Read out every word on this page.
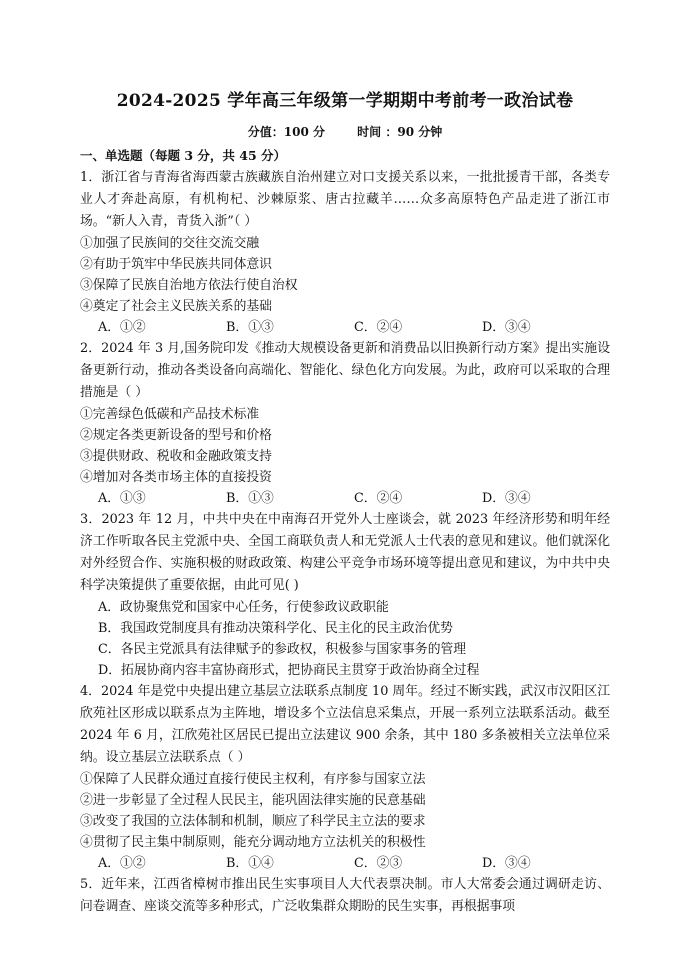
2024-2025 学年高三年级第一学期期中考前考一政治试卷
分值：100 分	时间 ：90 分钟
一、单选题（每题 3 分，共 45 分）

1．浙江省与青海省海西蒙古族藏族自治州建立对口支援关系以来，一批批援青干部，各类专业人才奔赴高原，有机枸杞、沙棘原浆、唐古拉藏羊……众多高原特色产品走进了浙江市场。“新人入青，青货入浙”（ ）

①加强了民族间的交往交流交融

②有助于筑牢中华民族共同体意识

③保障了民族自治地方依法行使自治权

④奠定了社会主义民族关系的基础

A．①②	B．①③	C．②④	D．③④

2．2024 年 3 月,国务院印发《推动大规模设备更新和消费品以旧换新行动方案》提出实施设备更新行动，推动各类设备向高端化、智能化、绿色化方向发展。为此，政府可以采取的合理措施是（ ）

①完善绿色低碳和产品技术标准

②规定各类更新设备的型号和价格

③提供财政、税收和金融政策支持

④增加对各类市场主体的直接投资

A．①③	B．①③	C．②④	D．③④

3．2023 年 12 月，中共中央在中南海召开党外人士座谈会，就 2023 年经济形势和明年经济工作听取各民主党派中央、全国工商联负责人和无党派人士代表的意见和建议。他们就深化对外经贸合作、实施积极的财政政策、构建公平竞争市场环境等提出意见和建议，为中共中央科学决策提供了重要依据，由此可见( )

A．政协聚焦党和国家中心任务，行使参政议政职能

B．我国政党制度具有推动决策科学化、民主化的民主政治优势

C．各民主党派具有法律赋予的参政权，积极参与国家事务的管理

D．拓展协商内容丰富协商形式，把协商民主贯穿于政治协商全过程

4．2024 年是党中央提出建立基层立法联系点制度 10 周年。经过不断实践，武汉市汉阳区江欣苑社区形成以联系点为主阵地，增设多个立法信息采集点，开展一系列立法联系活动。截至 2024 年 6 月，江欣苑社区居民已提出立法建议 900 余条，其中 180 多条被相关立法单位采纳。设立基层立法联系点（ ）

①保障了人民群众通过直接行使民主权利，有序参与国家立法

②进一步彰显了全过程人民民主，能巩固法律实施的民意基础

③改变了我国的立法体制和机制，顺应了科学民主立法的要求

④贯彻了民主集中制原则，能充分调动地方立法机关的积极性

A．①②	B．①④	C．②③	D．③④

5．近年来，江西省樟树市推出民生实事项目人大代表票决制。市人大常委会通过调研走访、问卷调查、座谈交流等多种形式，广泛收集群众期盼的民生实事，再根据事项
